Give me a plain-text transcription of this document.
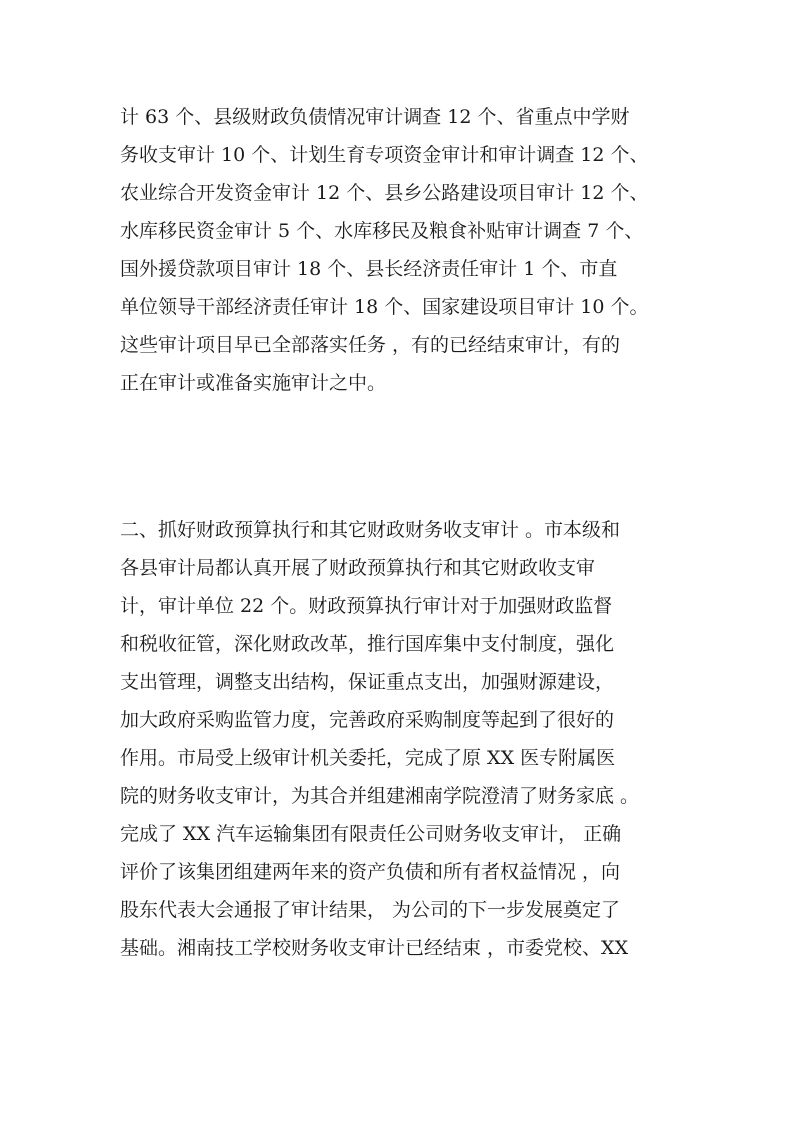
计 63 个、县级财政负债情况审计调查 12 个、省重点中学财
务收支审计 10 个、计划生育专项资金审计和审计调查 12 个、
农业综合开发资金审计 12 个、县乡公路建设项目审计 12 个、
水库移民资金审计 5 个、水库移民及粮食补贴审计调查 7 个、
国外援贷款项目审计 18 个、县长经济责任审计 1 个、市直
单位领导干部经济责任审计 18 个、国家建设项目审计 10 个。
这些审计项目早已全部落实任务 ，有的已经结束审计，有的
正在审计或准备实施审计之中。
二、抓好财政预算执行和其它财政财务收支审计 。市本级和
各县审计局都认真开展了财政预算执行和其它财政收支审
计，审计单位 22 个。财政预算执行审计对于加强财政监督
和税收征管，深化财政改革，推行国库集中支付制度，强化
支出管理，调整支出结构，保证重点支出，加强财源建设，
加大政府采购监管力度，完善政府采购制度等起到了很好的
作用。市局受上级审计机关委托，完成了原 XX 医专附属医
院的财务收支审计，为其合并组建湘南学院澄清了财务家底 。
完成了 XX 汽车运输集团有限责任公司财务收支审计， 正确
评价了该集团组建两年来的资产负债和所有者权益情况 ，向
股东代表大会通报了审计结果， 为公司的下一步发展奠定了
基础。湘南技工学校财务收支审计已经结束 ，市委党校、XX
